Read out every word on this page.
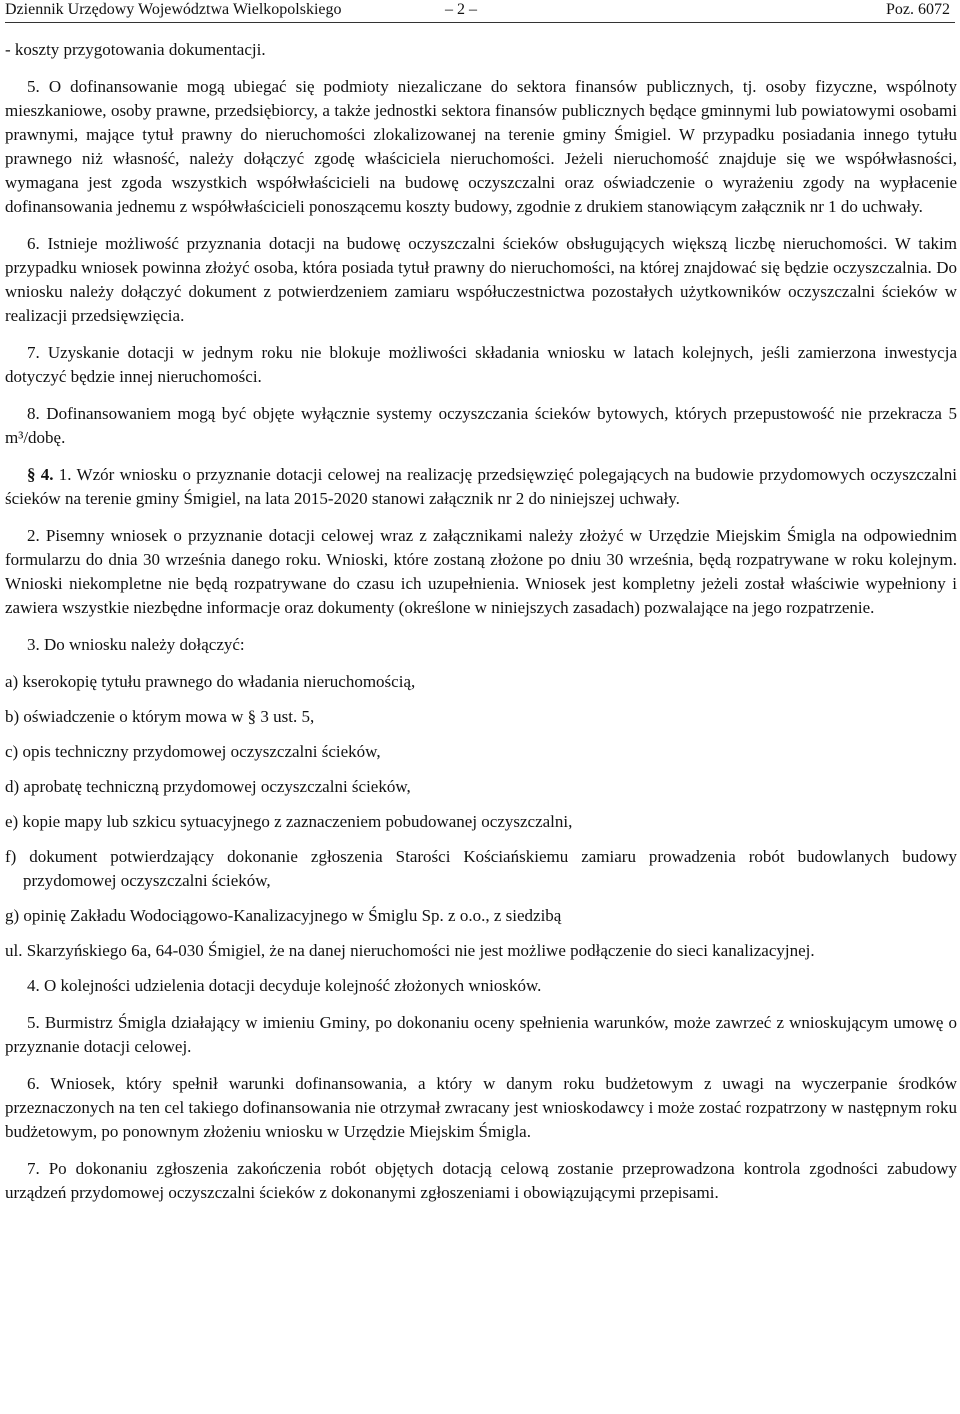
Dziennik Urzędowy Województwa Wielkopolskiego	– 2 –	Poz. 6072

- koszty przygotowania dokumentacji.

5. O dofinansowanie mogą ubiegać się podmioty niezaliczane do sektora finansów publicznych, tj. osoby fizyczne, wspólnoty mieszkaniowe, osoby prawne, przedsiębiorcy, a także jednostki sektora finansów publicznych będące gminnymi lub powiatowymi osobami prawnymi, mające tytuł prawny do nieruchomości zlokalizowanej na terenie gminy Śmigiel. W przypadku posiadania innego tytułu prawnego niż własność, należy dołączyć zgodę właściciela nieruchomości. Jeżeli nieruchomość znajduje się we współwłasności, wymagana jest zgoda wszystkich współwłaścicieli na budowę oczyszczalni oraz oświadczenie o wyrażeniu zgody na wypłacenie dofinansowania jednemu z współwłaścicieli ponoszącemu koszty budowy, zgodnie z drukiem stanowiącym załącznik nr 1 do uchwały.

6. Istnieje możliwość przyznania dotacji na budowę oczyszczalni ścieków obsługujących większą liczbę nieruchomości. W takim przypadku wniosek powinna złożyć osoba, która posiada tytuł prawny do nieruchomości, na której znajdować się będzie oczyszczalnia. Do wniosku należy dołączyć dokument z potwierdzeniem zamiaru współuczestnictwa pozostałych użytkowników oczyszczalni ścieków w realizacji przedsięwzięcia.

7. Uzyskanie dotacji w jednym roku nie blokuje możliwości składania wniosku w latach kolejnych, jeśli zamierzona inwestycja dotyczyć będzie innej nieruchomości.

8. Dofinansowaniem mogą być objęte wyłącznie systemy oczyszczania ścieków bytowych, których przepustowość nie przekracza 5 m³/dobę.

§ 4. 1. Wzór wniosku o przyznanie dotacji celowej na realizację przedsięwzięć polegających na budowie przydomowych oczyszczalni ścieków na terenie gminy Śmigiel, na lata 2015-2020 stanowi załącznik nr 2 do niniejszej uchwały.

2. Pisemny wniosek o przyznanie dotacji celowej wraz z załącznikami należy złożyć w Urzędzie Miejskim Śmigla na odpowiednim formularzu do dnia 30 września danego roku. Wnioski, które zostaną złożone po dniu 30 września, będą rozpatrywane w roku kolejnym. Wnioski niekompletne nie będą rozpatrywane do czasu ich uzupełnienia. Wniosek jest kompletny jeżeli został właściwie wypełniony i zawiera wszystkie niezbędne informacje oraz dokumenty (określone w niniejszych zasadach) pozwalające na jego rozpatrzenie.

3. Do wniosku należy dołączyć:

a) kserokopię tytułu prawnego do władania nieruchomością,

b) oświadczenie o którym mowa w § 3 ust. 5,

c) opis techniczny przydomowej oczyszczalni ścieków,

d) aprobatę techniczną przydomowej oczyszczalni ścieków,

e) kopie mapy lub szkicu sytuacyjnego z zaznaczeniem pobudowanej oczyszczalni,

f) dokument potwierdzający dokonanie zgłoszenia Starości Kościańskiemu zamiaru prowadzenia robót budowlanych budowy przydomowej oczyszczalni ścieków,

g) opinię Zakładu Wodociągowo-Kanalizacyjnego w Śmiglu Sp. z o.o., z siedzibą

ul. Skarzyńskiego 6a, 64-030 Śmigiel, że na danej nieruchomości nie jest możliwe podłączenie do sieci kanalizacyjnej.

4. O kolejności udzielenia dotacji decyduje kolejność złożonych wniosków.

5. Burmistrz Śmigla działający w imieniu Gminy, po dokonaniu oceny spełnienia warunków, może zawrzeć z wnioskującym umowę o przyznanie dotacji celowej.

6. Wniosek, który spełnił warunki dofinansowania, a który w danym roku budżetowym z uwagi na wyczerpanie środków przeznaczonych na ten cel takiego dofinansowania nie otrzymał zwracany jest wnioskodawcy i może zostać rozpatrzony w następnym roku budżetowym, po ponownym złożeniu wniosku w Urzędzie Miejskim Śmigla.

7. Po dokonaniu zgłoszenia zakończenia robót objętych dotacją celową zostanie przeprowadzona kontrola zgodności zabudowy urządzeń przydomowej oczyszczalni ścieków z dokonanymi zgłoszeniami i obowiązującymi przepisami.
